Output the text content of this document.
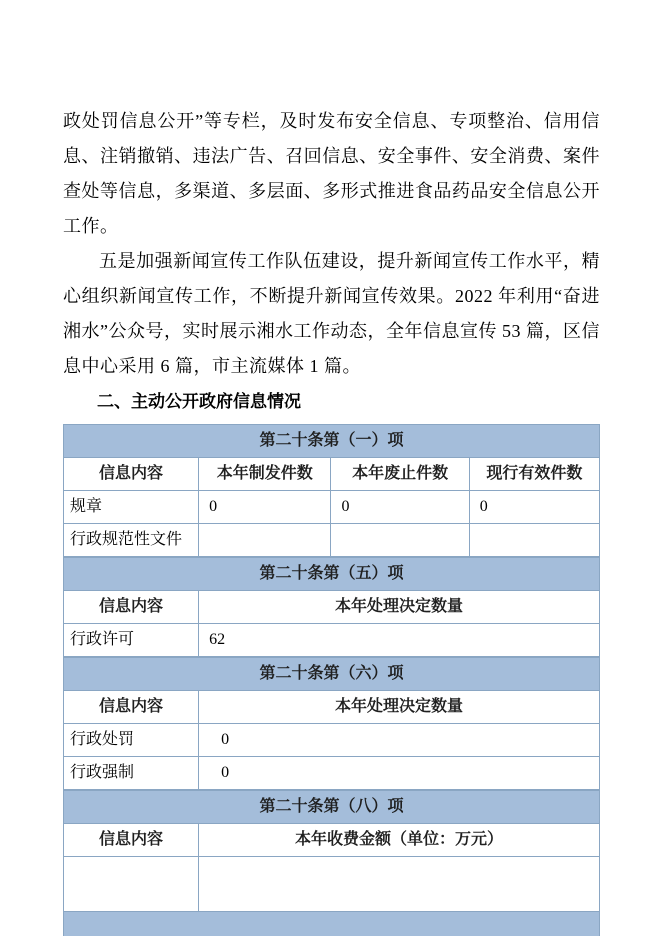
政处罚信息公开”等专栏，及时发布安全信息、专项整治、信用信息、注销撤销、违法广告、召回信息、安全事件、安全消费、案件查处等信息，多渠道、多层面、多形式推进食品药品安全信息公开工作。

五是加强新闻宣传工作队伍建设，提升新闻宣传工作水平，精心组织新闻宣传工作，不断提升新闻宣传效果。2022 年利用“奋进湘水”公众号，实时展示湘水工作动态，全年信息宣传 53 篇，区信息中心采用 6 篇，市主流媒体 1 篇。

二、主动公开政府信息情况
第二十条第（一）项			
信息内容	本年制发件数	本年废止件数	现行有效件数
规章	0	0	0
行政规范性文件			
第二十条第（五）项	
信息内容	本年处理决定数量
行政许可	62
第二十条第（六）项	
信息内容	本年处理决定数量
行政处罚	0
行政强制	0
第二十条第（八）项	
信息内容	本年收费金额（单位：万元）
